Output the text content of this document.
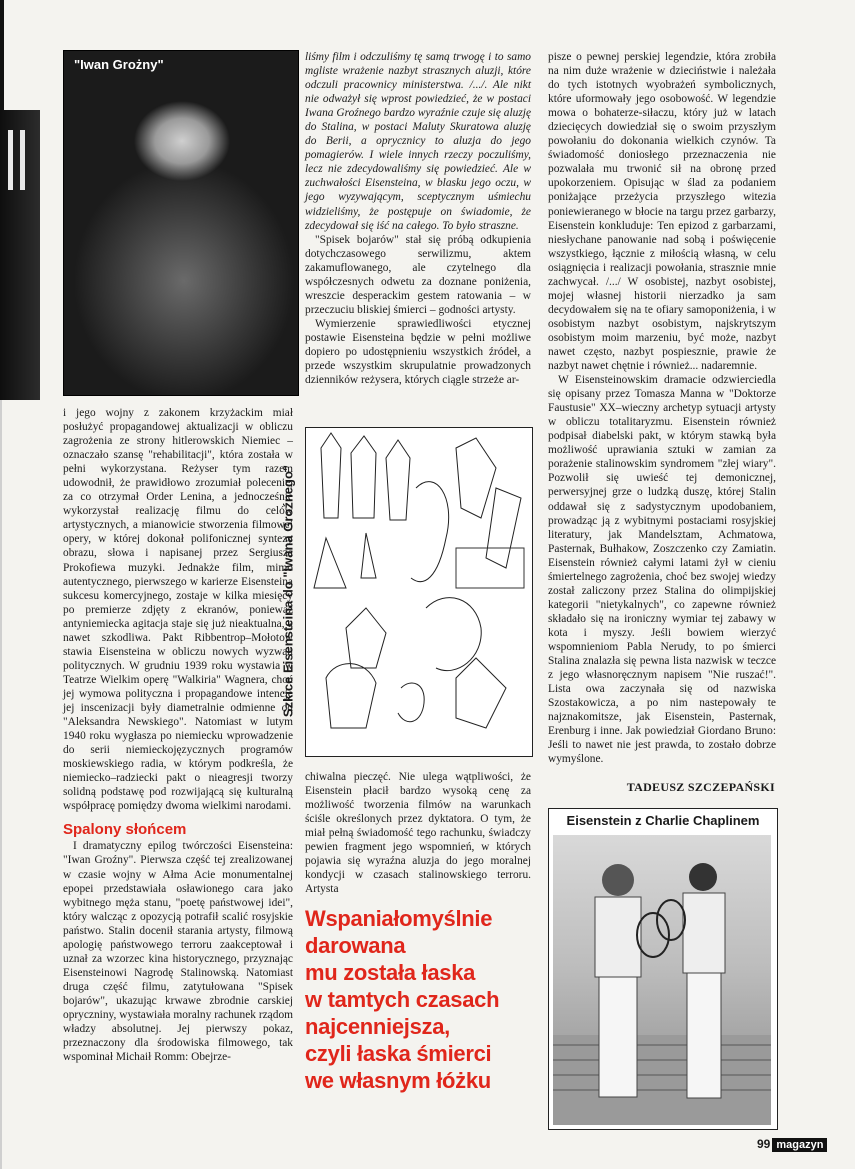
"Iwan Grożny"	liśmy film i odczuliśmy tę samą trwogę i to samo mgliste wrażenie nazbyt strasznych aluzji, które odczuli pracownicy ministerstwa. /.../. Ale nikt nie odważył się wprost powiedzieć, że w postaci Iwana Groźnego bardzo wyraźnie czuje się aluzję do Stalina, w postaci Maluty Skuratowa aluzję do Berii, a opryczniсу to aluzja do jego pomagierów. I wiele innych rzeczy poczuliśmy, lecz nie zdecydowaliśmy się powiedzieć. Ale w zuchwałości Eisensteina, w blasku jego oczu, w jego wyzywającym, sceptycznym uśmiechu widzieliśmy, że postępuje on świadomie, że zdecydował się iść na całego. To było straszne.

"Spisek bojarów" stał się próbą odkupienia dotychczasowego serwilizmu, aktem zakamuflowanego, ale czytelnego dla współczesnych odwetu za doznane poniżenia, wreszcie desperackim gestem ratowania – w przeczuciu bliskiej śmierci – godności artysty.

Wymierzenie sprawiedliwości etycznej postawie Eisensteina będzie w pełni możliwe dopiero po udostępnieniu wszystkich źródeł, a przede wszystkim skrupulatnie prowadzonych dzienników reżysera, których ciągle strzeże ar-

pisze o pewnej perskiej legendzie, która zrobiła na nim duże wrażenie w dzieciństwie i należała do tych istotnych wyobrażeń symbolicznych, które uformowały jego osobowość. W legendzie mowa o bohaterze-siłaczu, który już w latach dziecięcych dowiedział się o swoim przyszłym powołaniu do dokonania wielkich czynów. Ta świadomość doniosłego przeznaczenia nie pozwalała mu trwonić sił na obronę przed upokorzeniem. Opisując w ślad za podaniem poniżające przeżycia przyszłego witezia poniewieranego w błocie na targu przez garbarzy, Eisenstein konkluduje: Ten epizod z garbarzami, niesłychane panowanie nad sobą i poświęcenie wszystkiego, łącznie z miłością własną, w celu osiągnięcia i realizacji powołania, strasznie mnie zachwycał. /.../ W osobistej, nazbyt osobistej, mojej własnej historii nierzadko ja sam decydowałem się na te ofiary samoponiżenia, i w osobistym nazbyt osobistym, najskrytszym osobistym moim marzeniu, być może, nazbyt nawet często, nazbyt pospiesznie, prawie że nazbyt nawet chętnie i również... nadaremnie.

W Eisensteinowskim dramacie odzwierciedla się opisany przez Tomasza Manna w "Doktorze Faustusie" XX–wieczny archetyp sytuacji artysty w obliczu totalitaryzmu. Eisenstein również podpisał diabelski pakt, w którym stawką była możliwość uprawiania sztuki w zamian za porażenie stalinowskim syndromem "złej wiary". Pozwolił się uwieść tej demonicznej, perwersyjnej grze o ludzką duszę, której Stalin oddawał się z sadystycznym upodobaniem, prowadząc ją z wybitnymi postaciami rosyjskiej literatury, jak Mandelsztam, Achmatowa, Pasternak, Bułhakow, Zoszczenko czy Zamiatin. Eisenstein również całymi latami żył w cieniu śmiertelnego zagrożenia, choć bez swojej wiedzy został zaliczony przez Stalina do olimpijskiej kategorii "nietykalnych", co zapewne również składało się na ironiczny wymiar tej zabawy w kota i myszy. Jeśli bowiem wierzyć wspomnieniom Pabla Nerudy, to po śmierci Stalina znalazła się pewna lista nazwisk w teczce z jego własnoręcznym napisem "Nie ruszać!". Lista owa zaczynała się od nazwiska Szostakowicza, a po nim nastepowały te najznakomitsze, jak Eisenstein, Pasternak, Erenburg i inne. Jak powiedział Giordano Bruno: Jeśli to nawet nie jest prawda, to zostało dobrze wymyślone.

TADEUSZ SZCZEPAŃSKI

i jego wojny z zakonem krzyżackim miał posłużyć propagandowej aktualizacji w obliczu zagrożenia ze strony hitlerowskich Niemiec – oznaczało szansę "rehabilitacji", która została w pełni wykorzystana. Reżyser tym razem udowodnił, że prawidłowo zrozumiał polecenie, za co otrzymał Order Lenina, a jednocześnie wykorzystał realizację filmu do celów artystycznych, a mianowicie stworzenia filmowej opery, w której dokonał polifonicznej syntezy obrazu, słowa i napisanej przez Sergiusza Prokofiewa muzyki. Jednakże film, mimo autentycznego, pierwszego w karierze Eisensteina sukcesu komercyjnego, zostaje w kilka miesięcy po premierze zdjęty z ekranów, ponieważ antyniemiecka agitacja staje się już nieaktualna, a nawet szkodliwa. Pakt Ribbentrop–Mołotow stawia Eisensteina w obliczu nowych wyzwań politycznych. W grudniu 1939 roku wystawia w Teatrze Wielkim operę "Walkiria" Wagnera, choć jej wymowa polityczna i propagandowe intencje jej inscenizacji były diametralnie odmienne od "Aleksandra Newskiego". Natomiast w lutym 1940 roku wygłasza po niemiecku wprowadzenie do serii niemieckojęzycznych programów moskiewskiego radia, w którym podkreśla, że niemiecko–radziecki pakt o nieagresji tworzy solidną podstawę pod rozwijającą się kulturalną współpracę pomiędzy dwoma wielkimi narodami.

Spalony słońcem

I dramatyczny epilog twórczości Eisensteina: "Iwan Groźny". Pierwsza część tej zrealizowanej w czasie wojny w Ałma Acie monumentalnej epopei przedstawiała osławionego cara jako wybitnego męża stanu, "poetę państwowej idei", który walcząc z opozycją potrafił scalić rosyjskie państwo. Stalin docenił starania artysty, filmową apologię państwowego terroru zaakceptował i uznał za wzorzec kina historycznego, przyznając Eisensteinowi Nagrodę Stalinowską. Natomiast druga część filmu, zatytułowana "Spisek bojarów", ukazując krwawe zbrodnie carskiej opryczniny, wystawiała moralny rachunek rządom władzy absolutnej. Jej pierwszy pokaz, przeznaczony dla środowiska filmowego, tak wspominał Michaił Romm: Obejrze-

Szkice Eisensteina do "Iwana Groźnego"

chiwalna pieczęć. Nie ulega wątpliwości, że Eisenstein płacił bardzo wysoką cenę za możliwość tworzenia filmów na warunkach ściśle określonych przez dyktatora. O tym, że miał pełną świadomość tego rachunku, świadczy pewien fragment jego wspomnień, w których pojawia się wyraźna aluzja do jego moralnej kondycji w czasach stalinowskiego terroru. Artysta

Wspaniałomyślnie
darowana
mu została łaska
w tamtych czasach
najcenniejsza,
czyli łaska śmierci
we własnym łóżku
Eisenstein z Charlie Chaplinem
99 magazyn
